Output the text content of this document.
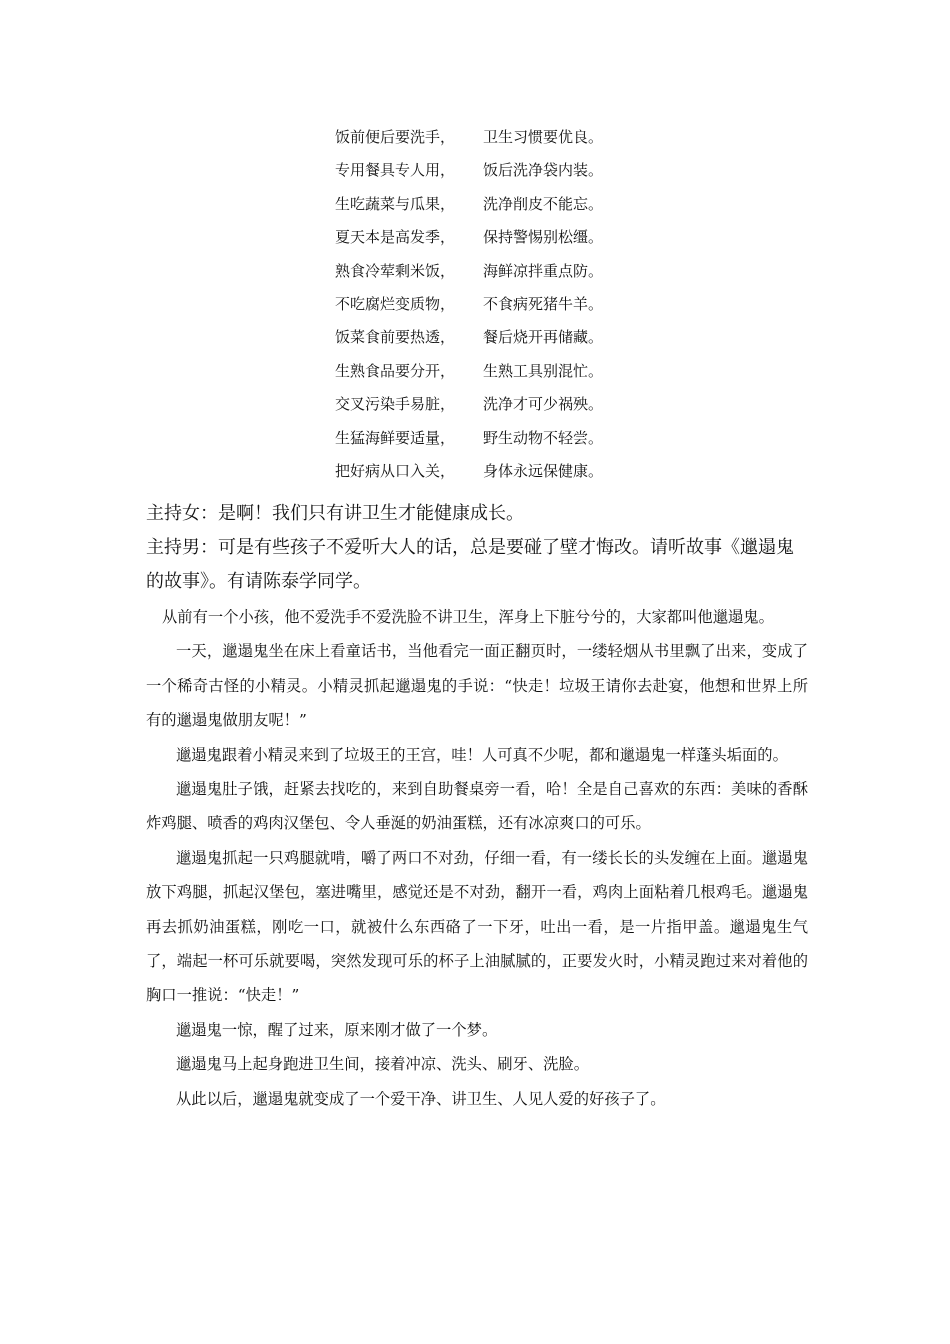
饭前便后要洗手， 卫生习惯要优良。
专用餐具专人用， 饭后洗净袋内装。
生吃蔬菜与瓜果， 洗净削皮不能忘。
夏天本是高发季， 保持警惕别松缰。
熟食冷荤剩米饭， 海鲜凉拌重点防。
不吃腐烂变质物， 不食病死猪牛羊。
饭菜食前要热透， 餐后烧开再储藏。
生熟食品要分开， 生熟工具别混忙。
交叉污染手易脏， 洗净才可少祸殃。
生猛海鲜要适量， 野生动物不轻尝。
把好病从口入关， 身体永远保健康。
主持女：是啊！我们只有讲卫生才能健康成长。
主持男：可是有些孩子不爱听大人的话，总是要碰了壁才悔改。请听故事《邋遢鬼的故事》。有请陈泰学同学。

从前有一个小孩，他不爱洗手不爱洗脸不讲卫生，浑身上下脏兮兮的，大家都叫他邋遢鬼。

一天，邋遢鬼坐在床上看童话书，当他看完一面正翻页时，一缕轻烟从书里飘了出来，变成了一个稀奇古怪的小精灵。小精灵抓起邋遢鬼的手说：“快走！垃圾王请你去赴宴，他想和世界上所有的邋遢鬼做朋友呢！”

邋遢鬼跟着小精灵来到了垃圾王的王宫，哇！人可真不少呢，都和邋遢鬼一样蓬头垢面的。

邋遢鬼肚子饿，赶紧去找吃的，来到自助餐桌旁一看，哈！全是自己喜欢的东西：美味的香酥炸鸡腿、喷香的鸡肉汉堡包、令人垂涎的奶油蛋糕，还有冰凉爽口的可乐。

邋遢鬼抓起一只鸡腿就啃，嚼了两口不对劲，仔细一看，有一缕长长的头发缠在上面。邋遢鬼放下鸡腿，抓起汉堡包，塞进嘴里，感觉还是不对劲，翻开一看，鸡肉上面粘着几根鸡毛。邋遢鬼再去抓奶油蛋糕，刚吃一口，就被什么东西硌了一下牙，吐出一看，是一片指甲盖。邋遢鬼生气了，端起一杯可乐就要喝，突然发现可乐的杯子上油腻腻的，正要发火时，小精灵跑过来对着他的胸口一推说：“快走！”

邋遢鬼一惊，醒了过来，原来刚才做了一个梦。

邋遢鬼马上起身跑进卫生间，接着冲凉、洗头、刷牙、洗脸。

从此以后，邋遢鬼就变成了一个爱干净、讲卫生、人见人爱的好孩子了。
